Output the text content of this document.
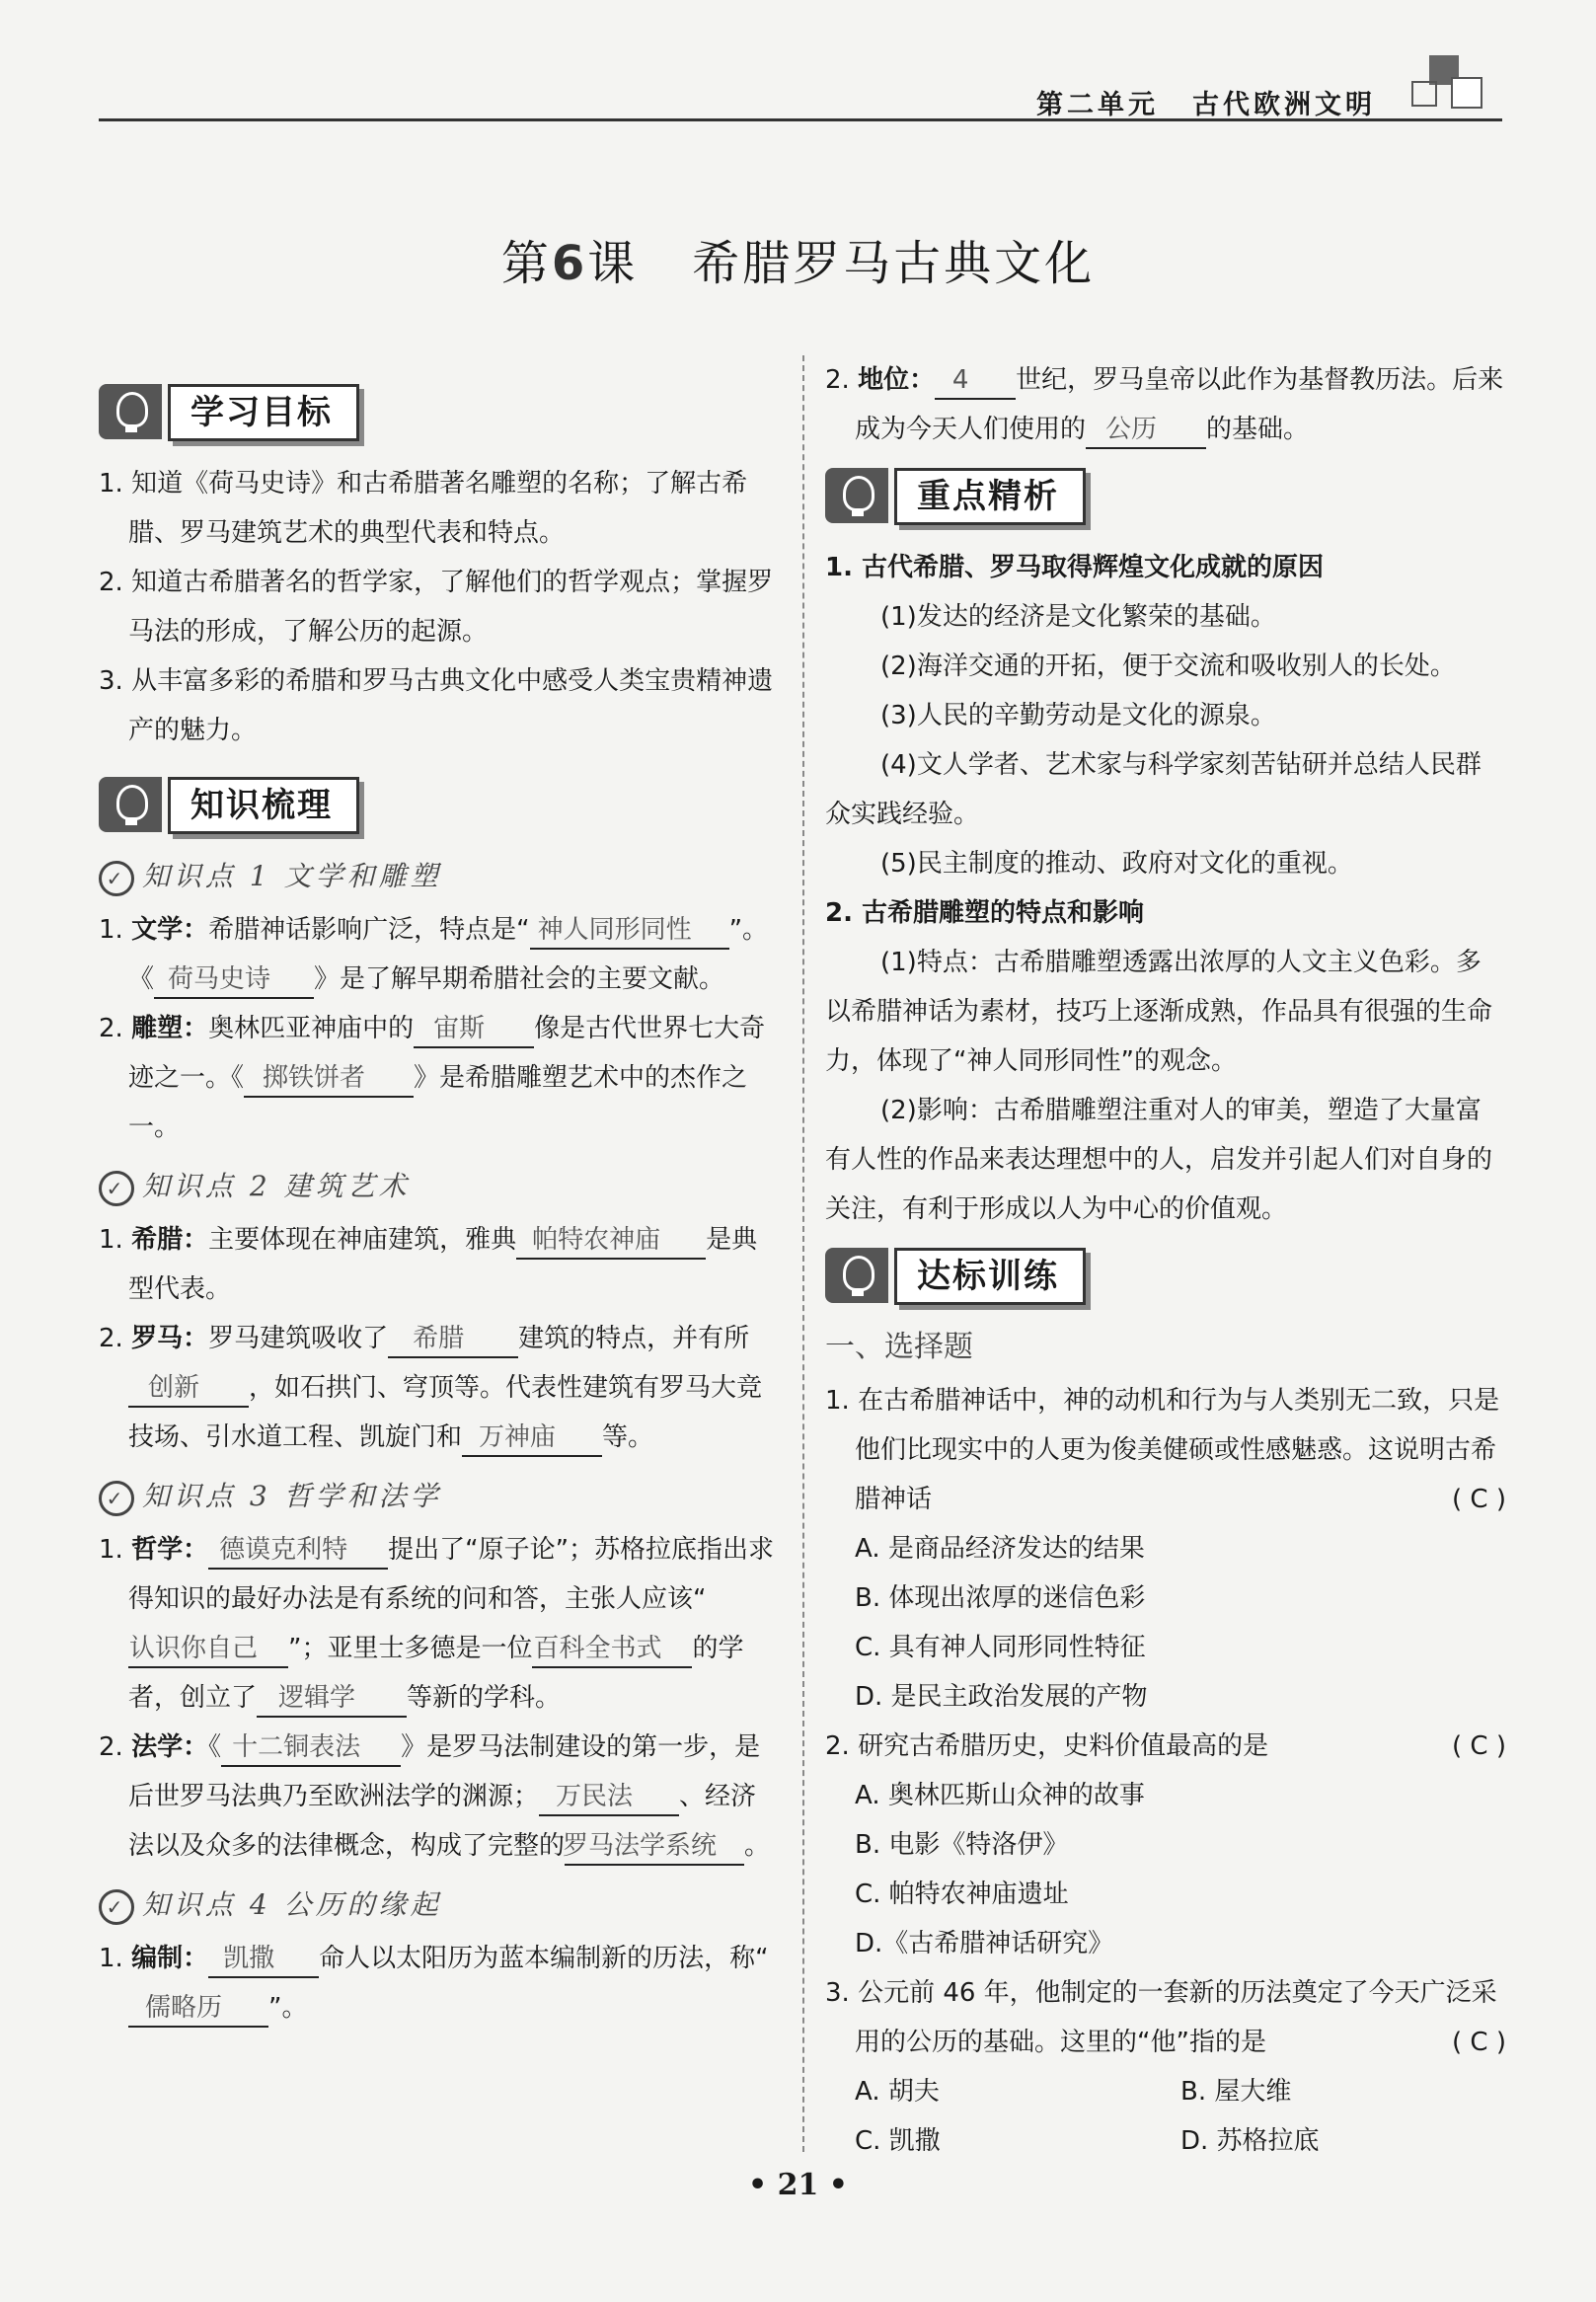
第二单元 古代欧洲文明
第6课 希腊罗马古典文化
学习目标

1. 知道《荷马史诗》和古希腊著名雕塑的名称；了解古希腊、罗马建筑艺术的典型代表和特点。

2. 知道古希腊著名的哲学家，了解他们的哲学观点；掌握罗马法的形成，了解公历的起源。

3. 从丰富多彩的希腊和罗马古典文化中感受人类宝贵精神遗产的魅力。

知识梳理
✓ 知识点 1 文学和雕塑

1. 文学：希腊神话影响广泛，特点是“ 神人同形同性 ”。《 荷马史诗 》是了解早期希腊社会的主要文献。

2. 雕塑：奥林匹亚神庙中的 宙斯 像是古代世界七大奇迹之一。《 掷铁饼者 》是希腊雕塑艺术中的杰作之一。

✓ 知识点 2 建筑艺术

1. 希腊：主要体现在神庙建筑，雅典 帕特农神庙 是典型代表。

2. 罗马：罗马建筑吸收了 希腊 建筑的特点，并有所创新 ，如石拱门、穹顶等。代表性建筑有罗马大竞技场、引水道工程、凯旋门和 万神庙 等。

✓ 知识点 3 哲学和法学

1. 哲学： 德谟克利特 提出了“原子论”；苏格拉底指出求得知识的最好办法是有系统的问和答，主张人应该“认识你自己 ”；亚里士多德是一位百科全书式 的学者，创立了 逻辑学 等新的学科。

2. 法学：《 十二铜表法 》是罗马法制建设的第一步，是后世罗马法典乃至欧洲法学的渊源； 万民法 、经济法以及众多的法律概念，构成了完整的罗马法学系统 。

✓ 知识点 4 公历的缘起

1. 编制： 凯撒 命人以太阳历为蓝本编制新的历法，称“儒略历 ”。

2. 地位： 4 世纪，罗马皇帝以此作为基督教历法。后来成为今天人们使用的 公历 的基础。

重点精析

1. 古代希腊、罗马取得辉煌文化成就的原因

(1)发达的经济是文化繁荣的基础。

(2)海洋交通的开拓，便于交流和吸收别人的长处。

(3)人民的辛勤劳动是文化的源泉。

(4)文人学者、艺术家与科学家刻苦钻研并总结人民群众实践经验。

(5)民主制度的推动、政府对文化的重视。

2. 古希腊雕塑的特点和影响

(1)特点：古希腊雕塑透露出浓厚的人文主义色彩。多以希腊神话为素材，技巧上逐渐成熟，作品具有很强的生命力，体现了“神人同形同性”的观念。

(2)影响：古希腊雕塑注重对人的审美，塑造了大量富有人性的作品来表达理想中的人，启发并引起人们对自身的关注，有利于形成以人为中心的价值观。

达标训练

一、选择题

1. 在古希腊神话中，神的动机和行为与人类别无二致，只是他们比现实中的人更为俊美健硕或性感魅惑。这说明古希腊神话	( C )

A. 是商品经济发达的结果

B. 体现出浓厚的迷信色彩

C. 具有神人同形同性特征

D. 是民主政治发展的产物

2. 研究古希腊历史，史料价值最高的是	( C )

A. 奥林匹斯山众神的故事

B. 电影《特洛伊》

C. 帕特农神庙遗址

D.《古希腊神话研究》

3. 公元前 46 年，他制定的一套新的历法奠定了今天广泛采用的公历的基础。这里的“他”指的是	( C )

A. 胡夫	B. 屋大维

C. 凯撒	D. 苏格拉底

• 21 •
